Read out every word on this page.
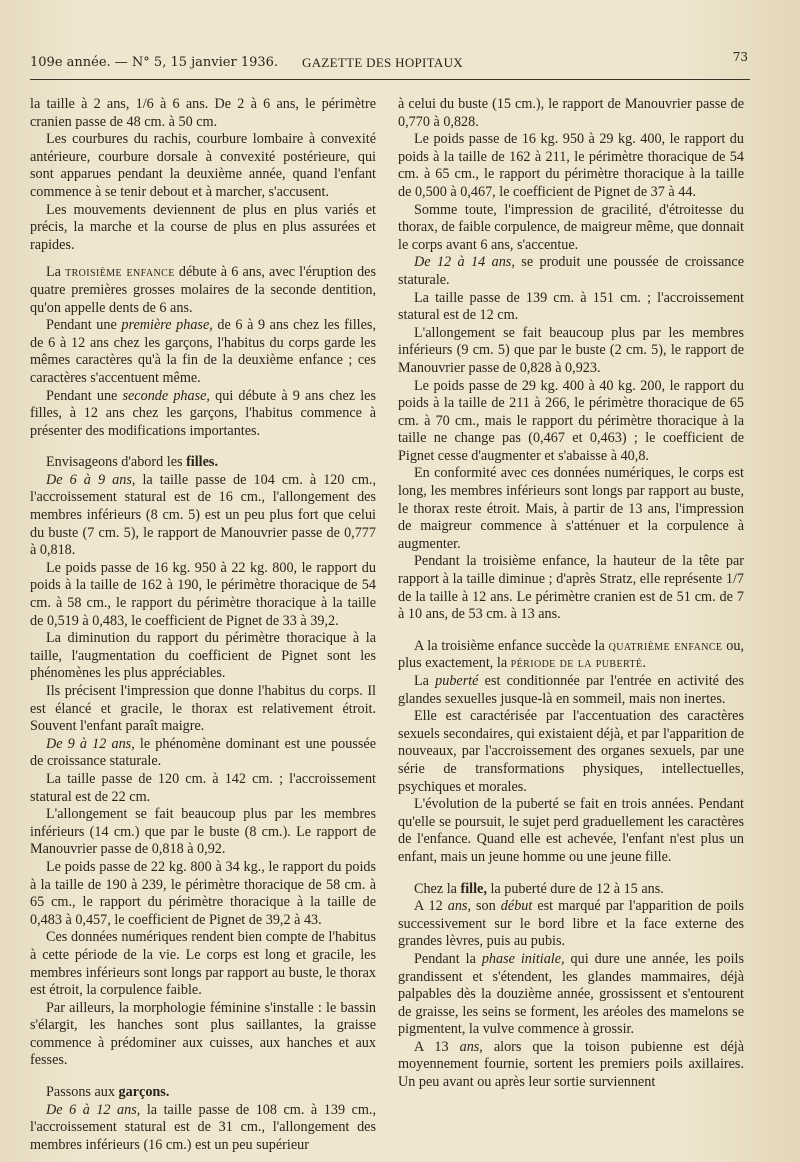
109e année. — N° 5, 15 janvier 1936. GAZETTE DES HOPITAUX	73

la taille à 2 ans, 1/6 à 6 ans. De 2 à 6 ans, le périmètre cranien passe de 48 cm. à 50 cm.

Les courbures du rachis, courbure lombaire à convexité antérieure, courbure dorsale à convexité postérieure, qui sont apparues pendant la deuxième année, quand l'enfant commence à se tenir debout et à marcher, s'accusent.

Les mouvements deviennent de plus en plus variés et précis, la marche et la course de plus en plus assurées et rapides.

La troisième enfance débute à 6 ans, avec l'éruption des quatre premières grosses molaires de la seconde dentition, qu'on appelle dents de 6 ans.

Pendant une première phase, de 6 à 9 ans chez les filles, de 6 à 12 ans chez les garçons, l'habitus du corps garde les mêmes caractères qu'à la fin de la deuxième enfance ; ces caractères s'accentuent même.

Pendant une seconde phase, qui débute à 9 ans chez les filles, à 12 ans chez les garçons, l'habitus commence à présenter des modifications importantes.

Envisageons d'abord les filles.

De 6 à 9 ans, la taille passe de 104 cm. à 120 cm., l'accroissement statural est de 16 cm., l'allongement des membres inférieurs (8 cm. 5) est un peu plus fort que celui du buste (7 cm. 5), le rapport de Manouvrier passe de 0,777 à 0,818.

Le poids passe de 16 kg. 950 à 22 kg. 800, le rapport du poids à la taille de 162 à 190, le périmètre thoracique de 54 cm. à 58 cm., le rapport du périmètre thoracique à la taille de 0,519 à 0,483, le coefficient de Pignet de 33 à 39,2.

La diminution du rapport du périmètre thoracique à la taille, l'augmentation du coefficient de Pignet sont les phénomènes les plus appréciables.

Ils précisent l'impression que donne l'habitus du corps. Il est élancé et gracile, le thorax est relativement étroit. Souvent l'enfant paraît maigre.

De 9 à 12 ans, le phénomène dominant est une poussée de croissance staturale.

La taille passe de 120 cm. à 142 cm. ; l'accroissement statural est de 22 cm.

L'allongement se fait beaucoup plus par les membres inférieurs (14 cm.) que par le buste (8 cm.). Le rapport de Manouvrier passe de 0,818 à 0,92.

Le poids passe de 22 kg. 800 à 34 kg., le rapport du poids à la taille de 190 à 239, le périmètre thoracique de 58 cm. à 65 cm., le rapport du périmètre thoracique à la taille de 0,483 à 0,457, le coefficient de Pignet de 39,2 à 43.

Ces données numériques rendent bien compte de l'habitus à cette période de la vie. Le corps est long et gracile, les membres inférieurs sont longs par rapport au buste, le thorax est étroit, la corpulence faible.

Par ailleurs, la morphologie féminine s'installe : le bassin s'élargit, les hanches sont plus saillantes, la graisse commence à prédominer aux cuisses, aux hanches et aux fesses.

Passons aux garçons.

De 6 à 12 ans, la taille passe de 108 cm. à 139 cm., l'accroissement statural est de 31 cm., l'allongement des membres inférieurs (16 cm.) est un peu supérieur

à celui du buste (15 cm.), le rapport de Manouvrier passe de 0,770 à 0,828.

Le poids passe de 16 kg. 950 à 29 kg. 400, le rapport du poids à la taille de 162 à 211, le périmètre thoracique de 54 cm. à 65 cm., le rapport du périmètre thoracique à la taille de 0,500 à 0,467, le coefficient de Pignet de 37 à 44.

Somme toute, l'impression de gracilité, d'étroitesse du thorax, de faible corpulence, de maigreur même, que donnait le corps avant 6 ans, s'accentue.

De 12 à 14 ans, se produit une poussée de croissance staturale.

La taille passe de 139 cm. à 151 cm. ; l'accroissement statural est de 12 cm.

L'allongement se fait beaucoup plus par les membres inférieurs (9 cm. 5) que par le buste (2 cm. 5), le rapport de Manouvrier passe de 0,828 à 0,923.

Le poids passe de 29 kg. 400 à 40 kg. 200, le rapport du poids à la taille de 211 à 266, le périmètre thoracique de 65 cm. à 70 cm., mais le rapport du périmètre thoracique à la taille ne change pas (0,467 et 0,463) ; le coefficient de Pignet cesse d'augmenter et s'abaisse à 40,8.

En conformité avec ces données numériques, le corps est long, les membres inférieurs sont longs par rapport au buste, le thorax reste étroit. Mais, à partir de 13 ans, l'impression de maigreur commence à s'atténuer et la corpulence à augmenter.

Pendant la troisième enfance, la hauteur de la tête par rapport à la taille diminue ; d'après Stratz, elle représente 1/7 de la taille à 12 ans. Le périmètre cranien est de 51 cm. de 7 à 10 ans, de 53 cm. à 13 ans.

A la troisième enfance succède la quatrième enfance ou, plus exactement, la période de la puberté.

La puberté est conditionnée par l'entrée en activité des glandes sexuelles jusque-là en sommeil, mais non inertes.

Elle est caractérisée par l'accentuation des caractères sexuels secondaires, qui existaient déjà, et par l'apparition de nouveaux, par l'accroissement des organes sexuels, par une série de transformations physiques, intellectuelles, psychiques et morales.

L'évolution de la puberté se fait en trois années. Pendant qu'elle se poursuit, le sujet perd graduellement les caractères de l'enfance. Quand elle est achevée, l'enfant n'est plus un enfant, mais un jeune homme ou une jeune fille.

Chez la fille, la puberté dure de 12 à 15 ans.

A 12 ans, son début est marqué par l'apparition de poils successivement sur le bord libre et la face externe des grandes lèvres, puis au pubis.

Pendant la phase initiale, qui dure une année, les poils grandissent et s'étendent, les glandes mammaires, déjà palpables dès la douzième année, grossissent et s'entourent de graisse, les seins se forment, les aréoles des mamelons se pigmentent, la vulve commence à grossir.

A 13 ans, alors que la toison pubienne est déjà moyennement fournie, sortent les premiers poils axillaires. Un peu avant ou après leur sortie surviennent
